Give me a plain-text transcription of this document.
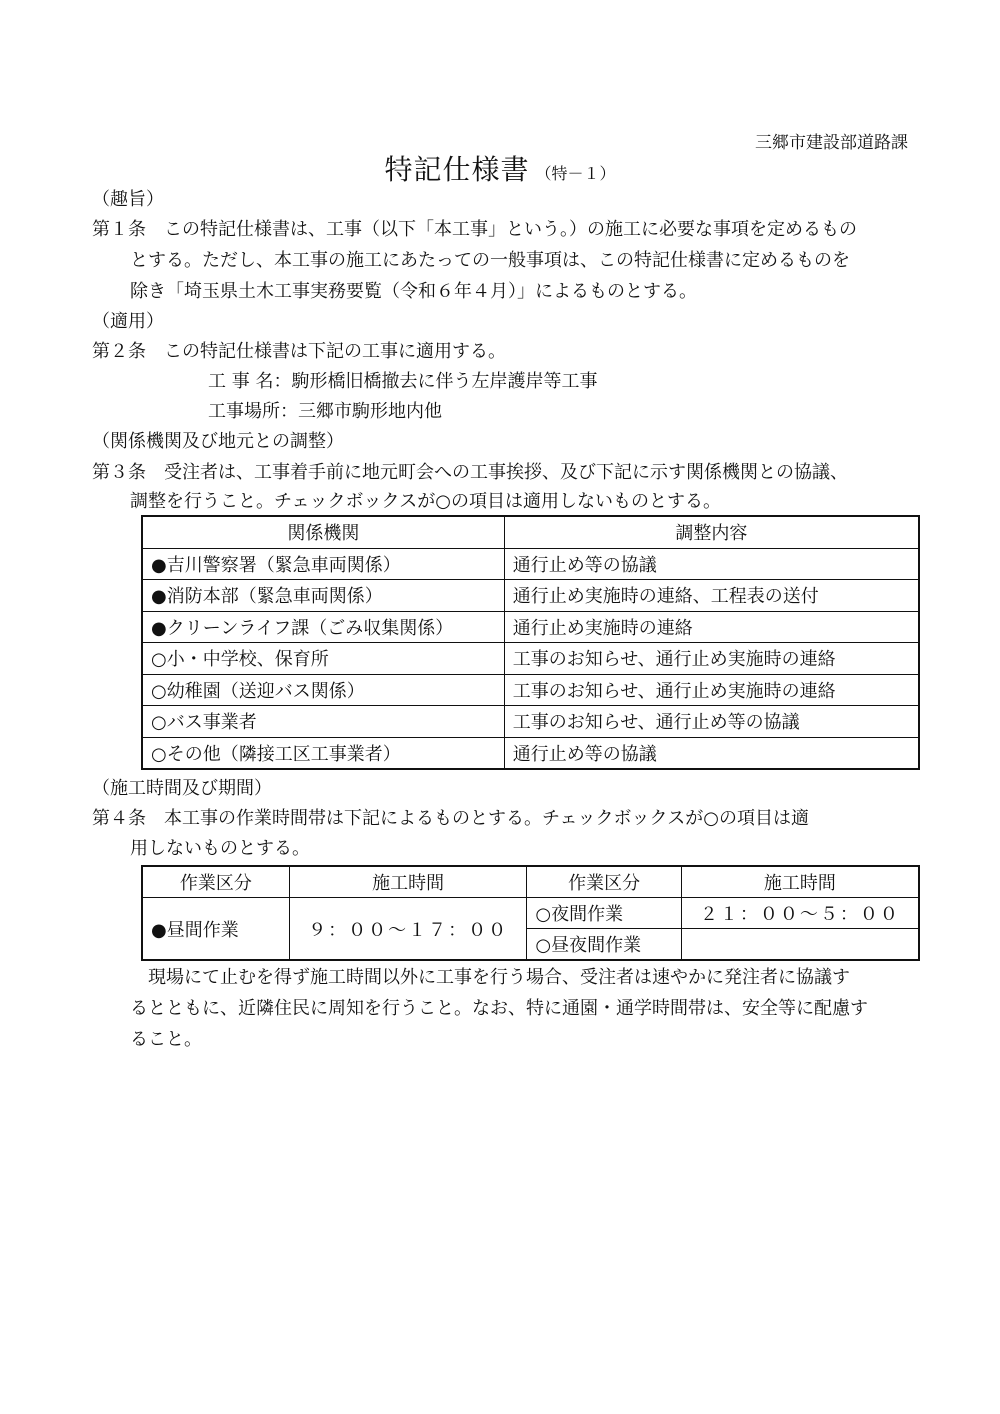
三郷市建設部道路課
特記仕様書 （特－１）
（趣旨）
第１条　この特記仕様書は、工事（以下「本工事」という。）の施工に必要な事項を定めるもの
とする。ただし、本工事の施工にあたっての一般事項は、この特記仕様書に定めるものを
除き「埼玉県土木工事実務要覧（令和６年４月）」によるものとする。
（適用）
第２条　この特記仕様書は下記の工事に適用する。
工 事 名：駒形橋旧橋撤去に伴う左岸護岸等工事
工事場所：三郷市駒形地内他
（関係機関及び地元との調整）
第３条　受注者は、工事着手前に地元町会への工事挨拶、及び下記に示す関係機関との協議、
調整を行うこと。チェックボックスが○の項目は適用しないものとする。
関係機関	調整内容
●吉川警察署（緊急車両関係）	通行止め等の協議
●消防本部（緊急車両関係）	通行止め実施時の連絡、工程表の送付
●クリーンライフ課（ごみ収集関係）	通行止め実施時の連絡
○小・中学校、保育所	工事のお知らせ、通行止め実施時の連絡
○幼稚園（送迎バス関係）	工事のお知らせ、通行止め実施時の連絡
○バス事業者	工事のお知らせ、通行止め等の協議
○その他（隣接工区工事業者）	通行止め等の協議
（施工時間及び期間）
第４条　本工事の作業時間帯は下記によるものとする。チェックボックスが○の項目は適
用しないものとする。
作業区分	施工時間	作業区分	施工時間
●昼間作業	９：００～１７：００	○夜間作業	２１：００～５：００
		○昼夜間作業	
現場にて止むを得ず施工時間以外に工事を行う場合、受注者は速やかに発注者に協議す
るとともに、近隣住民に周知を行うこと。なお、特に通園・通学時間帯は、安全等に配慮す
ること。
